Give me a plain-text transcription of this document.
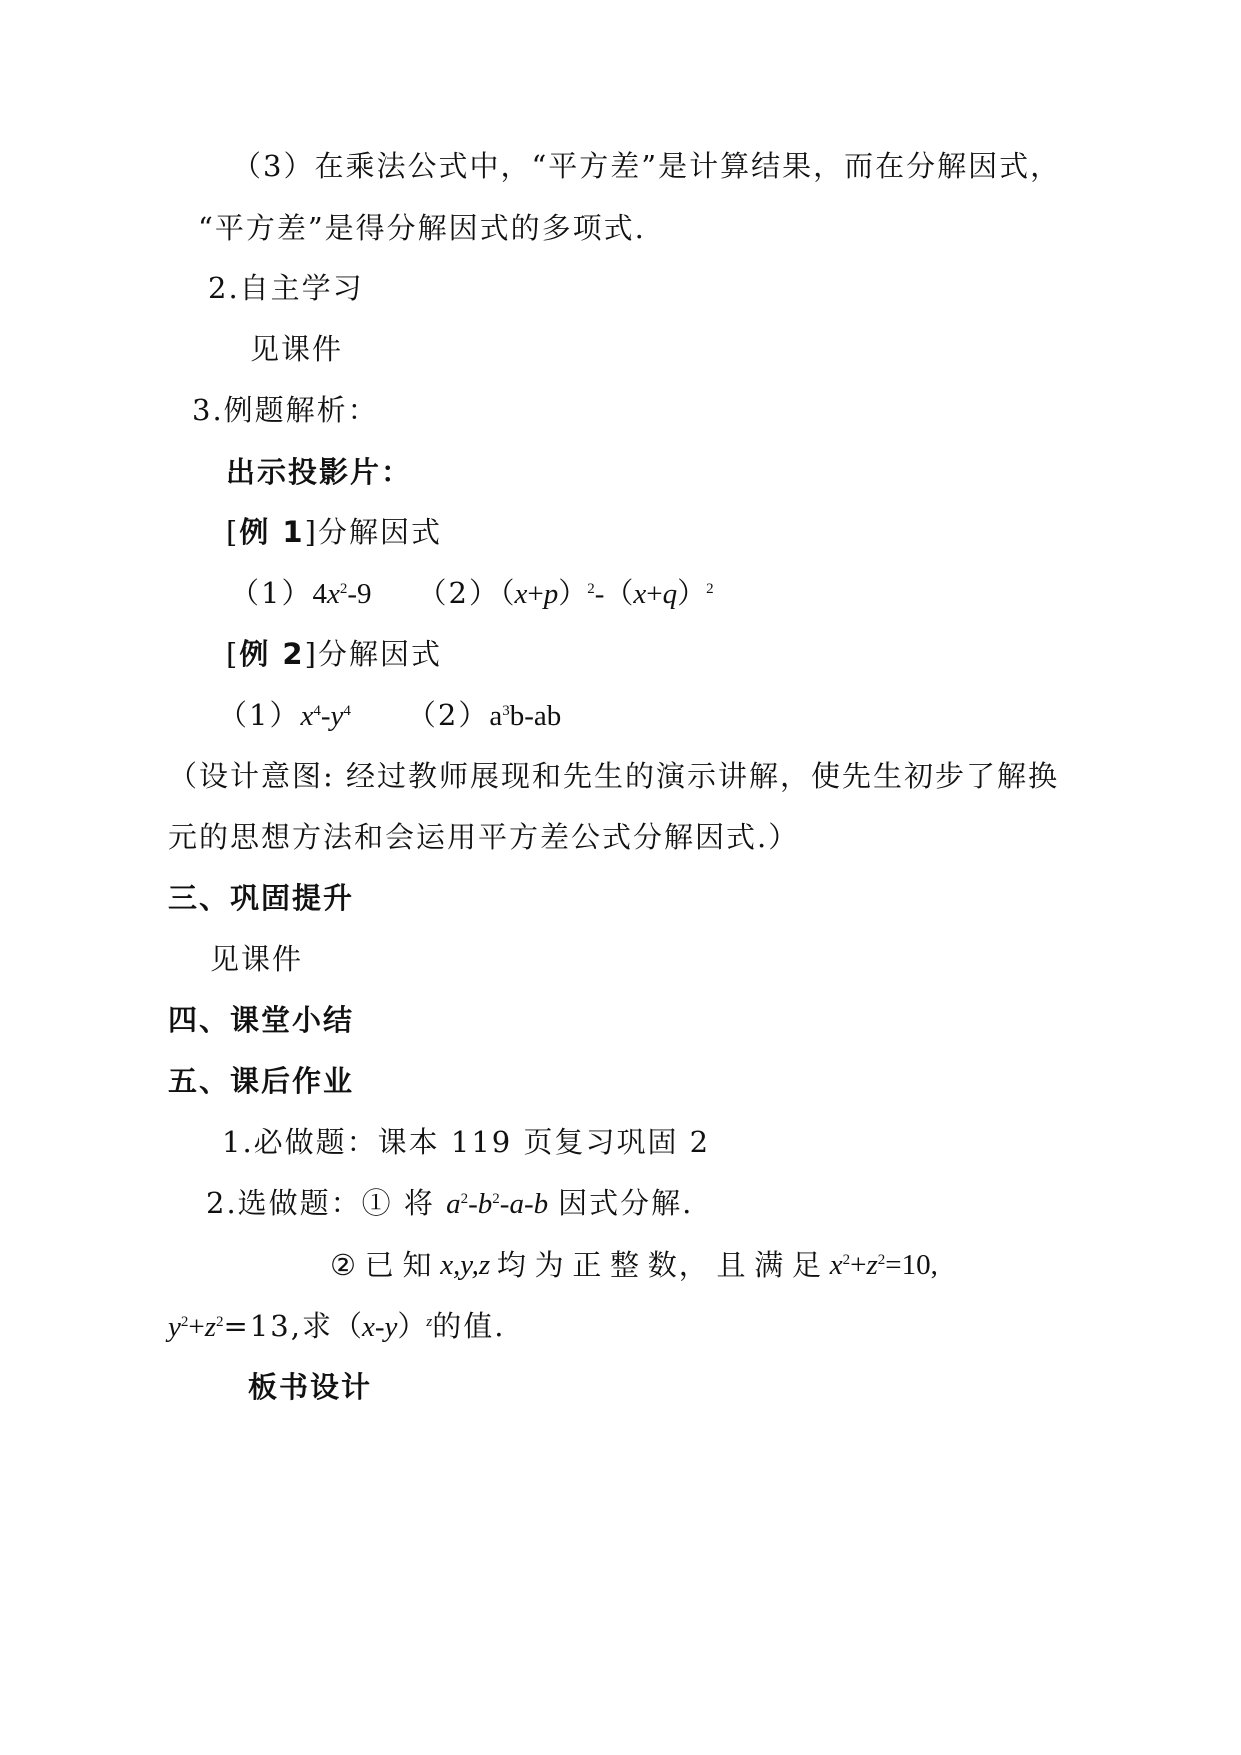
（3）在乘法公式中，“平方差”是计算结果，而在分解因式，
“平方差”是得分解因式的多项式.
2.自主学习
见课件
3.例题解析：
出示投影片：
[例 1]分解因式
$(1)4x^2-9$ $(2)(x+p)^2-(x+q)^2$
[例 2]分解因式
$(1)x^4-y^4$ $(2)a^3b-ab$
（设计意图: 经过教师展现和先生的演示讲解，使先生初步了解换
元的思想方法和会运用平方差公式分解因式.）
三、巩固提升
见课件
四、课堂小结
五、课后作业
1.必做题：课本 119 页复习巩固 2
2.选做题：① 将 $a^2-b^2-a-b$ 因式分解.
② 已 知 x,y,z 均 为 正 整 数， 且 满 足 $x^2+z^2=10$,
$y^2+z^2=13$,求$(x-y)^z$的值.
板书设计
